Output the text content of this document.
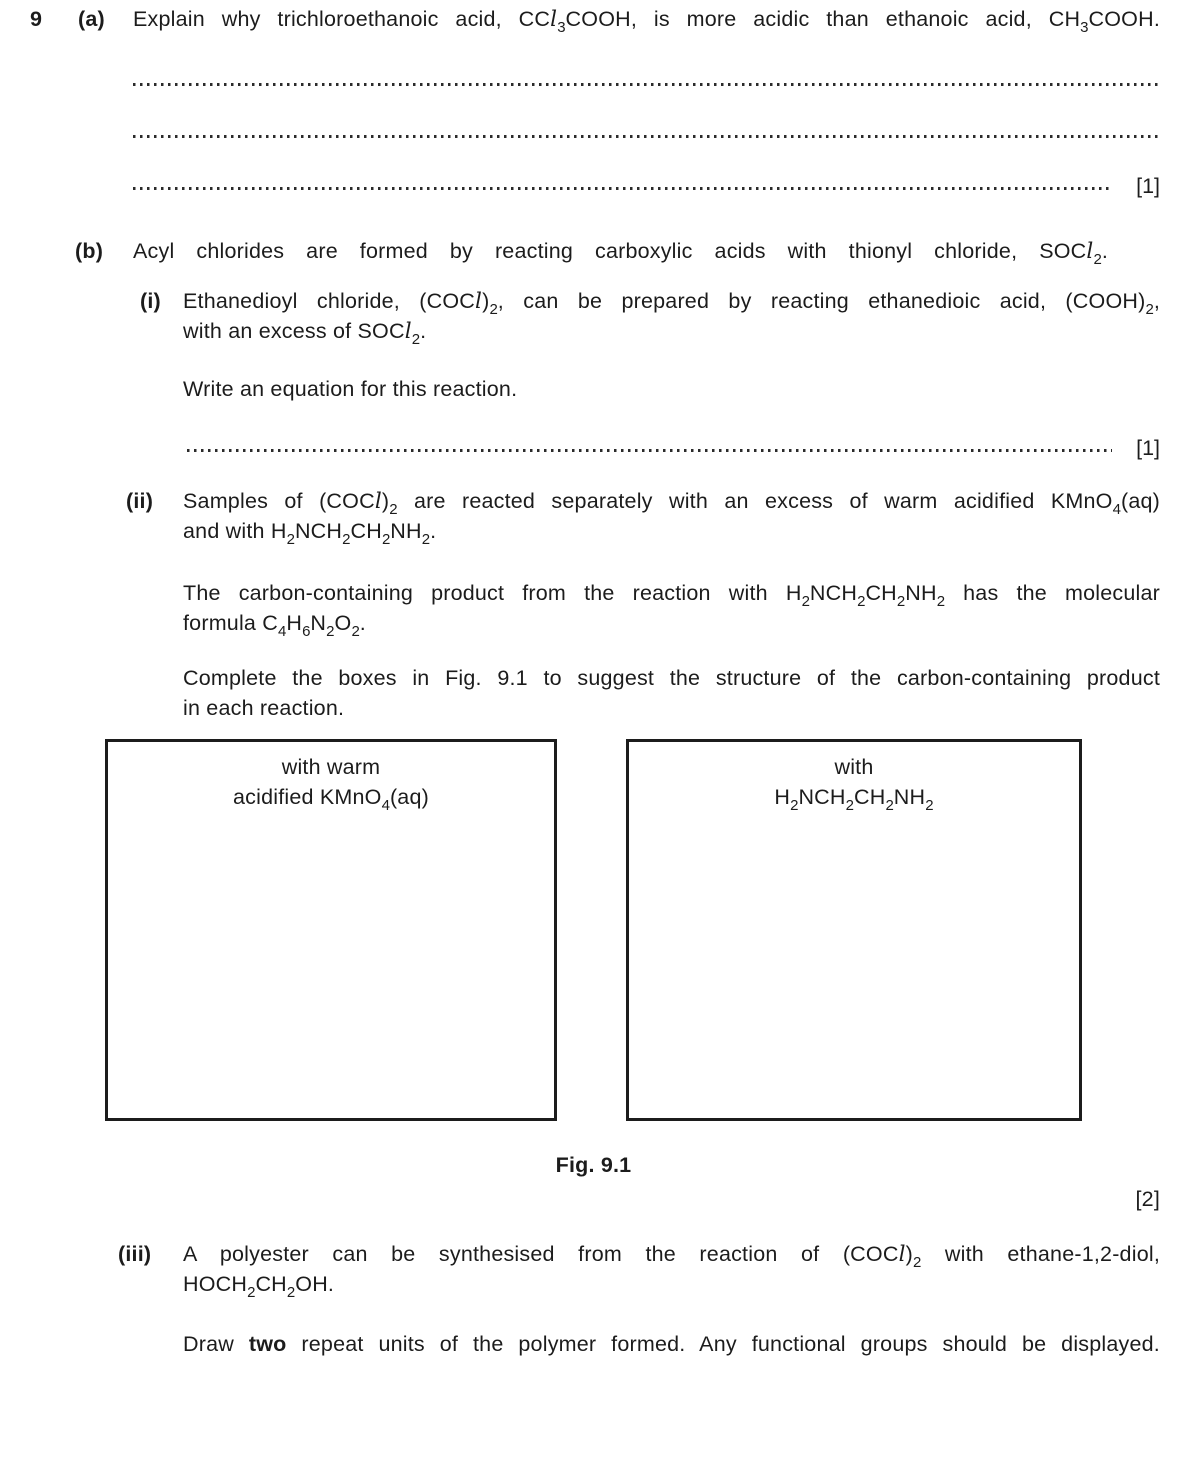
9 (a) Explain why trichloroethanoic acid, CCl$_3$COOH, is more acidic than ethanoic acid, $CH_3COOH$.
[1]
(b) Acyl chlorides are formed by reacting carboxylic acids with thionyl chloride, SOCl$_2$.
(i) Ethanedioyl chloride, $(COCl)_2$, can be prepared by reacting ethanedioic acid, $(COOH)_2$,
with an excess of SOCl$_2$.
Write an equation for this reaction.
[1]
(ii) Samples of $(COCl)_2$ are reacted separately with an excess of warm acidified KMnO$_4$(aq)
and with $H_2NCH_2CH_2NH_2$.
The carbon-containing product from the reaction with $H_2NCH_2CH_2NH_2$ has the molecular
formula $C_4H_6N_2O_2$.
Complete the boxes in Fig. 9.1 to suggest the structure of the carbon-containing product
in each reaction.
with warm
acidified KMnO$_4$(aq)
with
$H_2NCH_2CH_2NH_2$
Fig. 9.1
[2]
(iii) A polyester can be synthesised from the reaction of $(COCl)_2$ with ethane-1,2-diol,
$HOCH_2CH_2OH$.
Draw two repeat units of the polymer formed. Any functional groups should be displayed.
